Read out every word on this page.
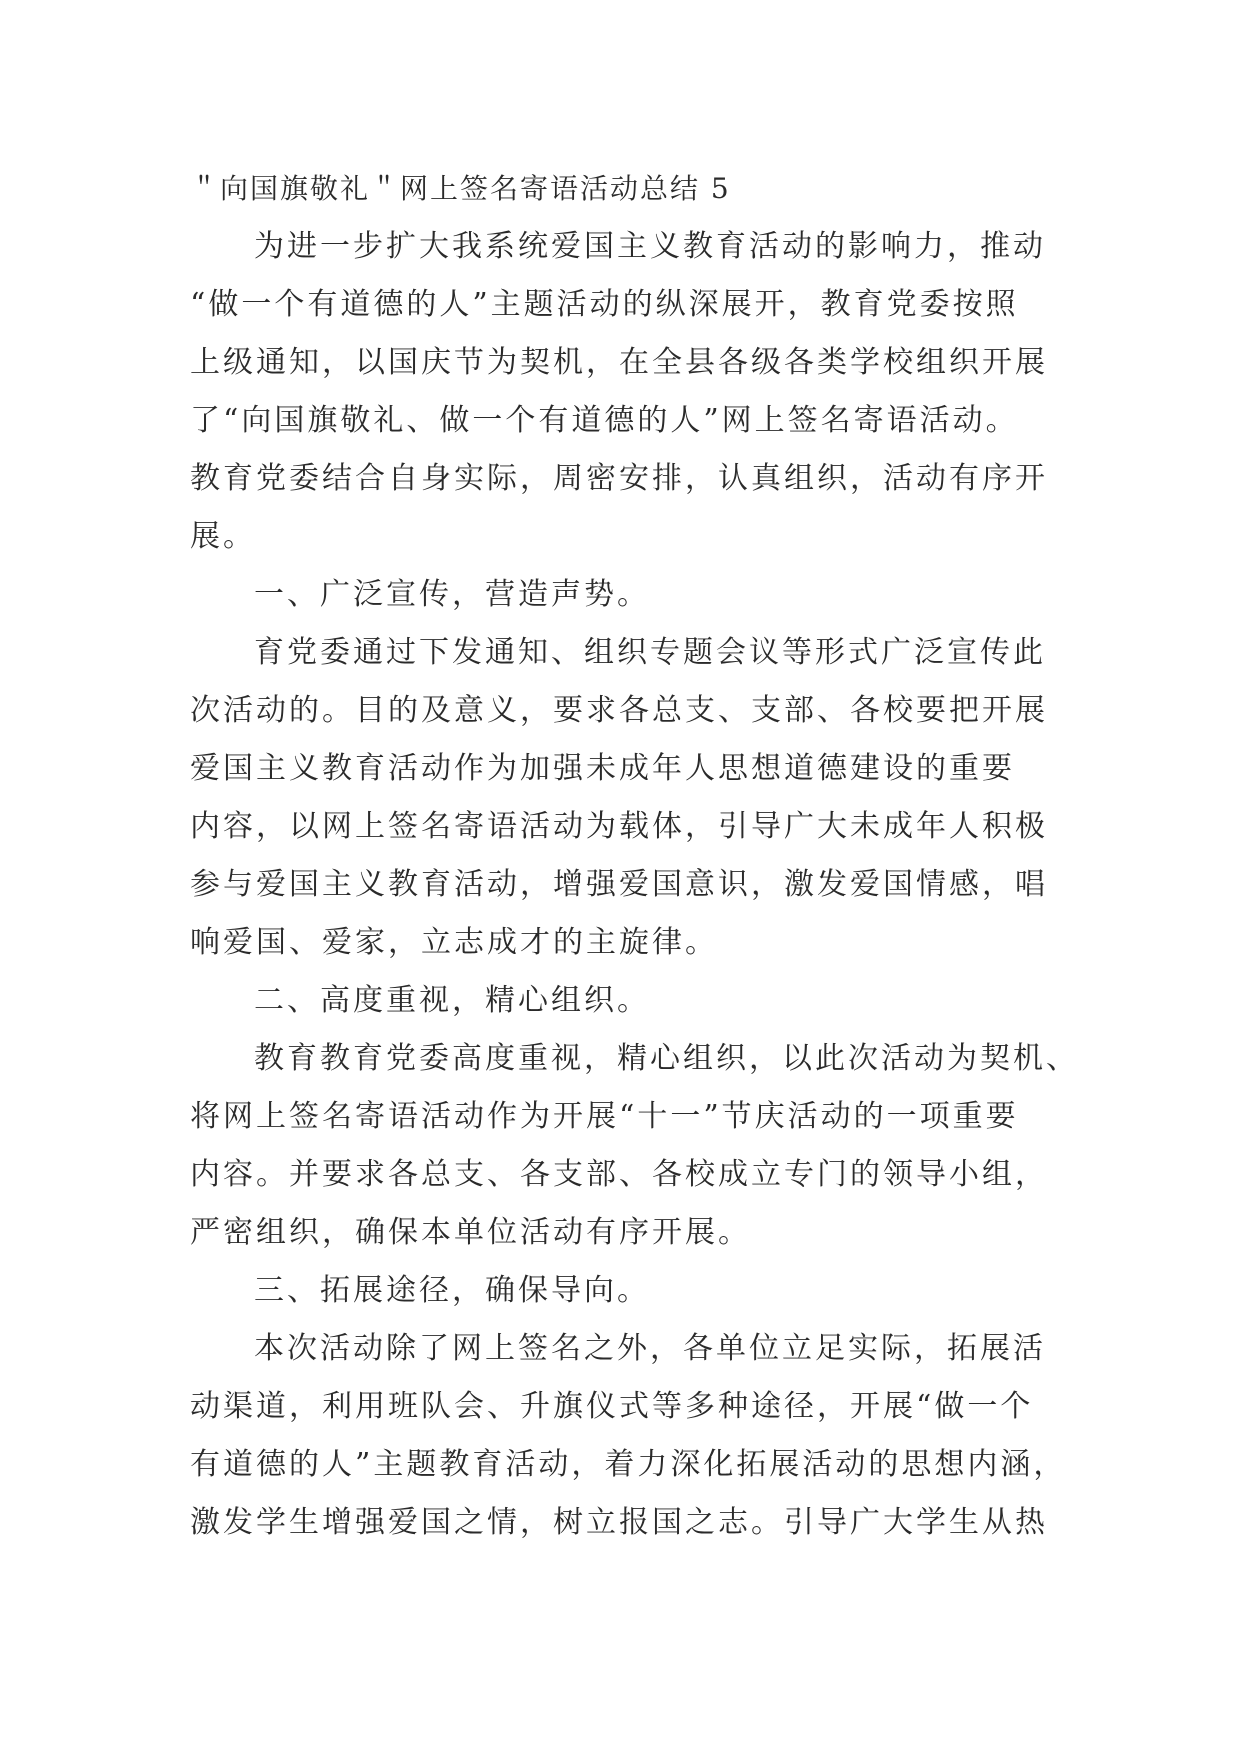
＂向国旗敬礼＂网上签名寄语活动总结 5

为进一步扩大我系统爱国主义教育活动的影响力，推动

“做一个有道德的人”主题活动的纵深展开，教育党委按照

上级通知，以国庆节为契机，在全县各级各类学校组织开展

了“向国旗敬礼、做一个有道德的人”网上签名寄语活动。

教育党委结合自身实际，周密安排，认真组织，活动有序开

展。

一、广泛宣传，营造声势。

育党委通过下发通知、组织专题会议等形式广泛宣传此

次活动的。目的及意义，要求各总支、支部、各校要把开展

爱国主义教育活动作为加强未成年人思想道德建设的重要

内容，以网上签名寄语活动为载体，引导广大未成年人积极

参与爱国主义教育活动，增强爱国意识，激发爱国情感，唱

响爱国、爱家，立志成才的主旋律。

二、高度重视，精心组织。

教育教育党委高度重视，精心组织，以此次活动为契机、

将网上签名寄语活动作为开展“十一”节庆活动的一项重要

内容。并要求各总支、各支部、各校成立专门的领导小组，

严密组织，确保本单位活动有序开展。

三、拓展途径，确保导向。

本次活动除了网上签名之外，各单位立足实际，拓展活

动渠道，利用班队会、升旗仪式等多种途径，开展“做一个

有道德的人”主题教育活动，着力深化拓展活动的思想内涵，

激发学生增强爱国之情，树立报国之志。引导广大学生从热
